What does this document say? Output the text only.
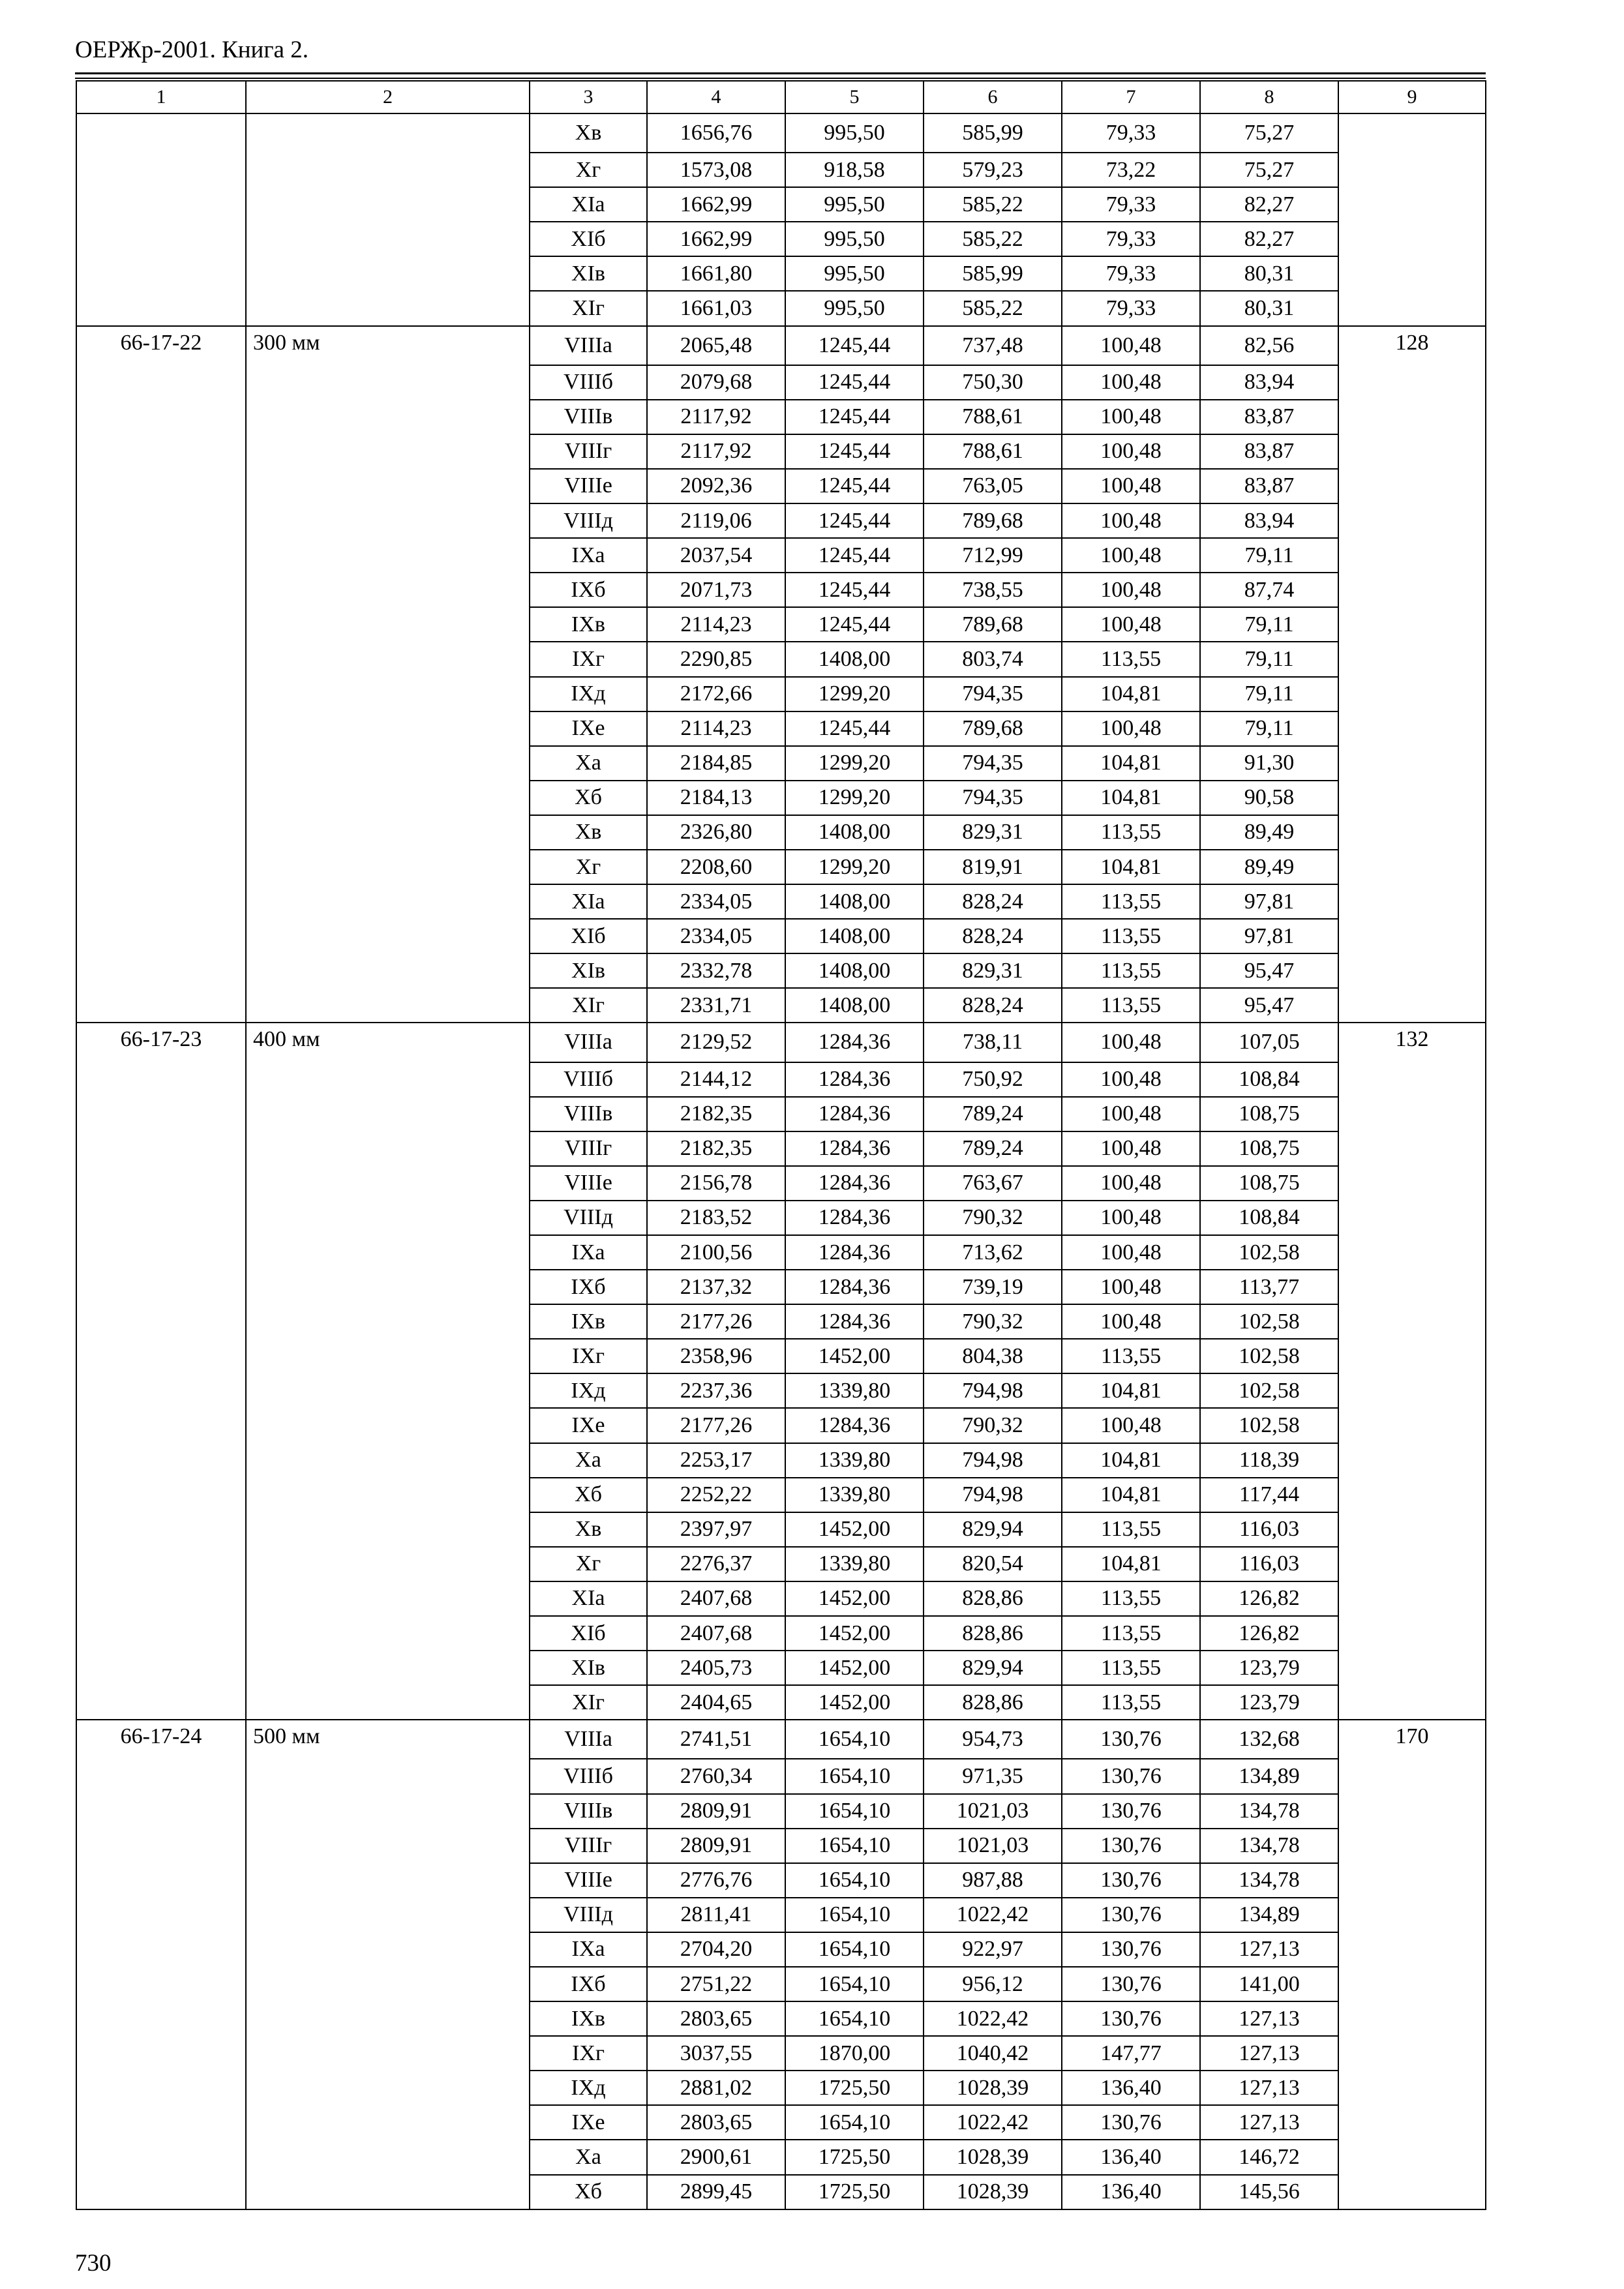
ОЕРЖр-2001. Книга 2.
1	2	3	4	5	6	7	8	9
		Xв	1656,76	995,50	585,99	79,33	75,27	
		Xг	1573,08	918,58	579,23	73,22	75,27	
		XIа	1662,99	995,50	585,22	79,33	82,27	
		XIб	1662,99	995,50	585,22	79,33	82,27	
		XIв	1661,80	995,50	585,99	79,33	80,31	
		XIг	1661,03	995,50	585,22	79,33	80,31	
66-17-22	300 мм	VIIIа	2065,48	1245,44	737,48	100,48	82,56	128
		VIIIб	2079,68	1245,44	750,30	100,48	83,94	
		VIIIв	2117,92	1245,44	788,61	100,48	83,87	
		VIIIг	2117,92	1245,44	788,61	100,48	83,87	
		VIIIе	2092,36	1245,44	763,05	100,48	83,87	
		VIIIд	2119,06	1245,44	789,68	100,48	83,94	
		IXа	2037,54	1245,44	712,99	100,48	79,11	
		IXб	2071,73	1245,44	738,55	100,48	87,74	
		IXв	2114,23	1245,44	789,68	100,48	79,11	
		IXг	2290,85	1408,00	803,74	113,55	79,11	
		IXд	2172,66	1299,20	794,35	104,81	79,11	
		IXе	2114,23	1245,44	789,68	100,48	79,11	
		Xа	2184,85	1299,20	794,35	104,81	91,30	
		Xб	2184,13	1299,20	794,35	104,81	90,58	
		Xв	2326,80	1408,00	829,31	113,55	89,49	
		Xг	2208,60	1299,20	819,91	104,81	89,49	
		XIа	2334,05	1408,00	828,24	113,55	97,81	
		XIб	2334,05	1408,00	828,24	113,55	97,81	
		XIв	2332,78	1408,00	829,31	113,55	95,47	
		XIг	2331,71	1408,00	828,24	113,55	95,47	
66-17-23	400 мм	VIIIа	2129,52	1284,36	738,11	100,48	107,05	132
		VIIIб	2144,12	1284,36	750,92	100,48	108,84	
		VIIIв	2182,35	1284,36	789,24	100,48	108,75	
		VIIIг	2182,35	1284,36	789,24	100,48	108,75	
		VIIIе	2156,78	1284,36	763,67	100,48	108,75	
		VIIIд	2183,52	1284,36	790,32	100,48	108,84	
		IXа	2100,56	1284,36	713,62	100,48	102,58	
		IXб	2137,32	1284,36	739,19	100,48	113,77	
		IXв	2177,26	1284,36	790,32	100,48	102,58	
		IXг	2358,96	1452,00	804,38	113,55	102,58	
		IXд	2237,36	1339,80	794,98	104,81	102,58	
		IXе	2177,26	1284,36	790,32	100,48	102,58	
		Xа	2253,17	1339,80	794,98	104,81	118,39	
		Xб	2252,22	1339,80	794,98	104,81	117,44	
		Xв	2397,97	1452,00	829,94	113,55	116,03	
		Xг	2276,37	1339,80	820,54	104,81	116,03	
		XIа	2407,68	1452,00	828,86	113,55	126,82	
		XIб	2407,68	1452,00	828,86	113,55	126,82	
		XIв	2405,73	1452,00	829,94	113,55	123,79	
		XIг	2404,65	1452,00	828,86	113,55	123,79	
66-17-24	500 мм	VIIIа	2741,51	1654,10	954,73	130,76	132,68	170
		VIIIб	2760,34	1654,10	971,35	130,76	134,89	
		VIIIв	2809,91	1654,10	1021,03	130,76	134,78	
		VIIIг	2809,91	1654,10	1021,03	130,76	134,78	
		VIIIе	2776,76	1654,10	987,88	130,76	134,78	
		VIIIд	2811,41	1654,10	1022,42	130,76	134,89	
		IXа	2704,20	1654,10	922,97	130,76	127,13	
		IXб	2751,22	1654,10	956,12	130,76	141,00	
		IXв	2803,65	1654,10	1022,42	130,76	127,13	
		IXг	3037,55	1870,00	1040,42	147,77	127,13	
		IXд	2881,02	1725,50	1028,39	136,40	127,13	
		IXе	2803,65	1654,10	1022,42	130,76	127,13	
		Xа	2900,61	1725,50	1028,39	136,40	146,72	
		Xб	2899,45	1725,50	1028,39	136,40	145,56	
730
